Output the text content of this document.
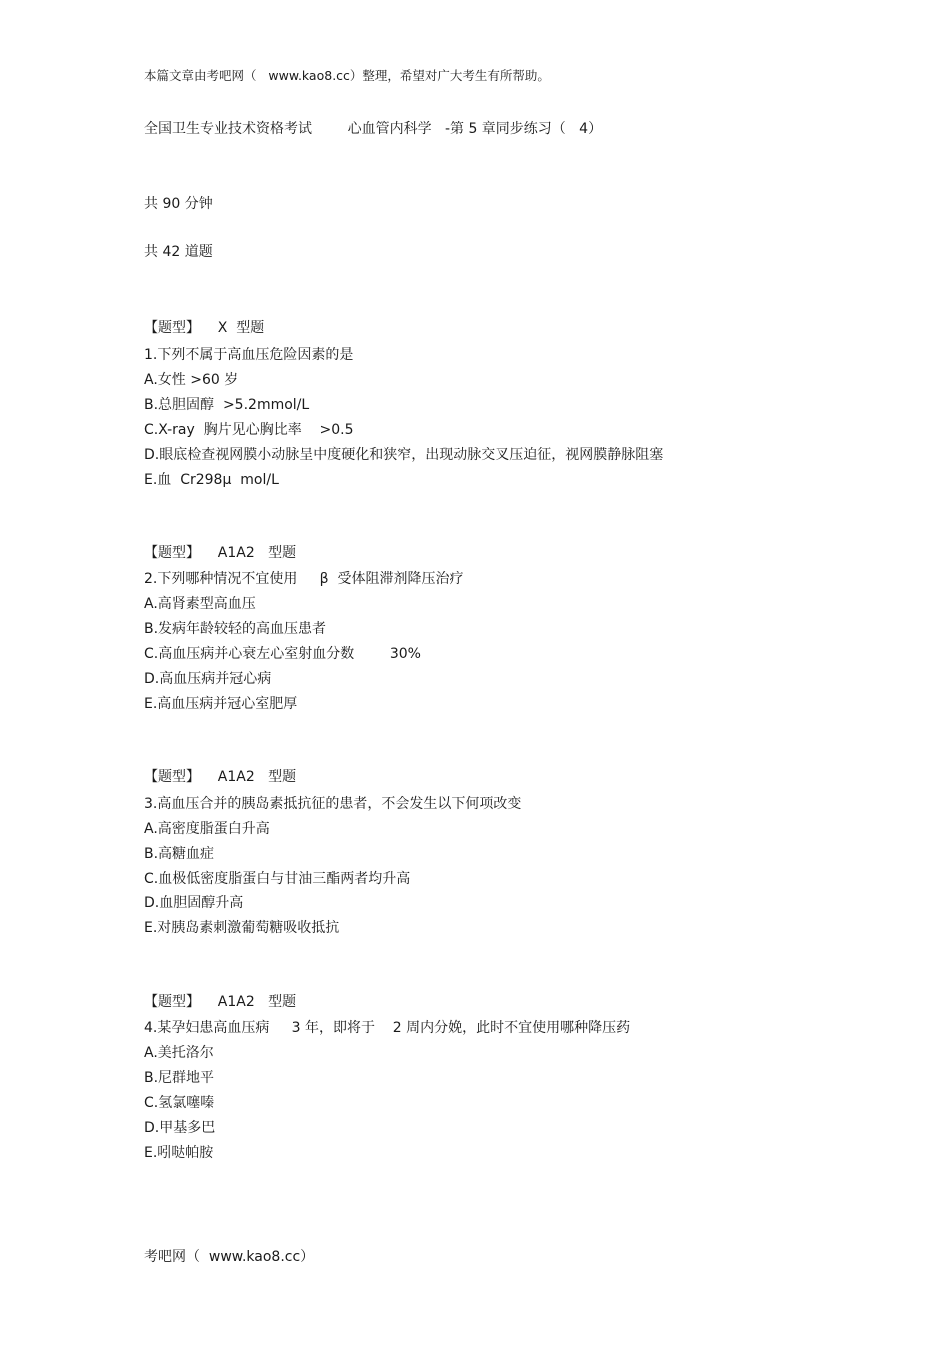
本篇文章由考吧网（   www.kao8.cc）整理，希望对广大考生有所帮助。
全国卫生专业技术资格考试        心血管内科学   -第 5 章同步练习（   4）
共 90 分钟
共 42 道题
【题型】    X  型题
1.下列不属于高血压危险因素的是
A.女性 >60 岁
B.总胆固醇  >5.2mmol/L
C.X-ray  胸片见心胸比率    >0.5
D.眼底检查视网膜小动脉呈中度硬化和狭窄，出现动脉交叉压迫征，视网膜静脉阻塞
E.血  Cr298μ  mol/L
【题型】    A1A2   型题
2.下列哪种情况不宜使用     β  受体阻滞剂降压治疗
A.高肾素型高血压
B.发病年龄较轻的高血压患者
C.高血压病并心衰左心室射血分数        30%
D.高血压病并冠心病
E.高血压病并冠心室肥厚
【题型】    A1A2   型题
3.高血压合并的胰岛素抵抗征的患者，不会发生以下何项改变
A.高密度脂蛋白升高
B.高糖血症
C.血极低密度脂蛋白与甘油三酯两者均升高
D.血胆固醇升高
E.对胰岛素刺激葡萄糖吸收抵抗
【题型】    A1A2   型题
4.某孕妇患高血压病     3 年，即将于    2 周内分娩，此时不宜使用哪种降压药
A.美托洛尔
B.尼群地平
C.氢氯噻嗪
D.甲基多巴
E.吲哒帕胺
考吧网（  www.kao8.cc）
